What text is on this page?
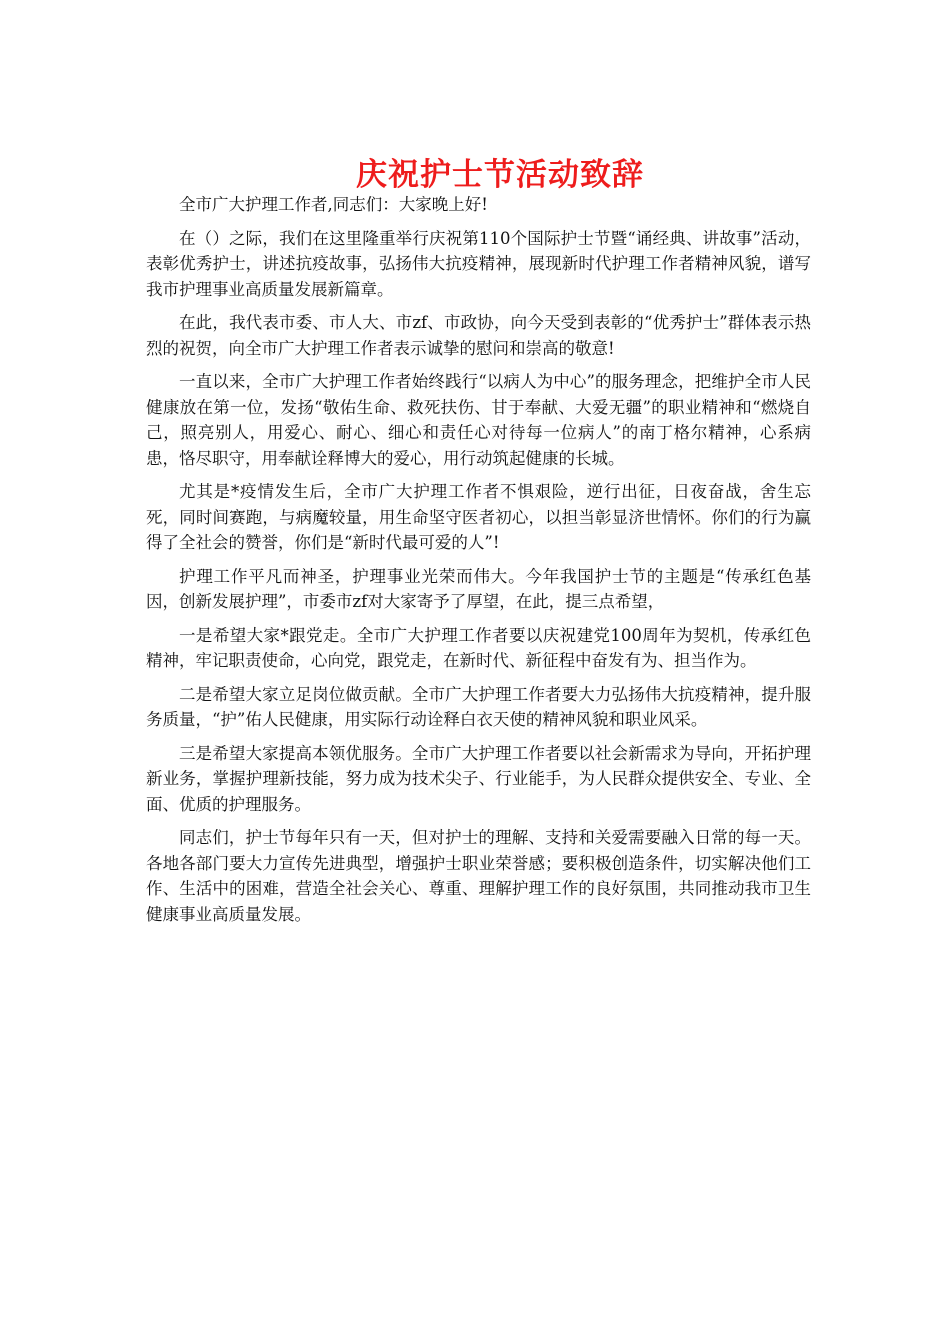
庆祝护士节活动致辞

全市广大护理工作者,同志们：大家晚上好!

在（）之际，我们在这里隆重举行庆祝第110个国际护士节暨“诵经典、讲故事”活动，表彰优秀护士，讲述抗疫故事，弘扬伟大抗疫精神，展现新时代护理工作者精神风貌，谱写我市护理事业高质量发展新篇章。

在此，我代表市委、市人大、市zf、市政协，向今天受到表彰的“优秀护士”群体表示热烈的祝贺，向全市广大护理工作者表示诚挚的慰问和崇高的敬意!

一直以来，全市广大护理工作者始终践行“以病人为中心”的服务理念，把维护全市人民健康放在第一位，发扬“敬佑生命、救死扶伤、甘于奉献、大爱无疆”的职业精神和“燃烧自己，照亮别人，用爱心、耐心、细心和责任心对待每一位病人”的南丁格尔精神，心系病患，恪尽职守，用奉献诠释博大的爱心，用行动筑起健康的长城。

尤其是*疫情发生后，全市广大护理工作者不惧艰险，逆行出征，日夜奋战，舍生忘死，同时间赛跑，与病魔较量，用生命坚守医者初心，以担当彰显济世情怀。你们的行为赢得了全社会的赞誉，你们是“新时代最可爱的人”!

护理工作平凡而神圣，护理事业光荣而伟大。今年我国护士节的主题是“传承红色基因，创新发展护理”，市委市zf对大家寄予了厚望，在此，提三点希望，

一是希望大家*跟党走。全市广大护理工作者要以庆祝建党100周年为契机，传承红色精神，牢记职责使命，心向党，跟党走，在新时代、新征程中奋发有为、担当作为。

二是希望大家立足岗位做贡献。全市广大护理工作者要大力弘扬伟大抗疫精神，提升服务质量，“护”佑人民健康，用实际行动诠释白衣天使的精神风貌和职业风采。

三是希望大家提高本领优服务。全市广大护理工作者要以社会新需求为导向，开拓护理新业务，掌握护理新技能，努力成为技术尖子、行业能手，为人民群众提供安全、专业、全面、优质的护理服务。

同志们，护士节每年只有一天，但对护士的理解、支持和关爱需要融入日常的每一天。各地各部门要大力宣传先进典型，增强护士职业荣誉感；要积极创造条件，切实解决他们工作、生活中的困难，营造全社会关心、尊重、理解护理工作的良好氛围，共同推动我市卫生健康事业高质量发展。
